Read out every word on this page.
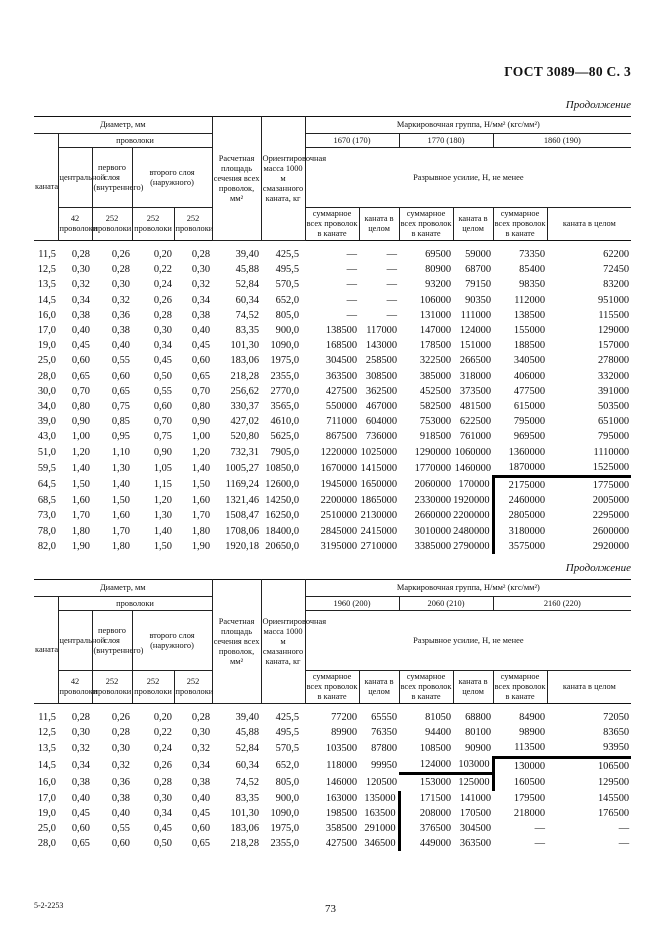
ГОСТ 3089—80 С. 3
Продолжение
Продолжение
Диаметр, мм					Расчетная площадь сечения всех проволок, мм²	Ориентировочная масса 1000 м смазанного каната, кг	Маркировочная группа, Н/мм² (кгс/мм²)					
каната	проволоки						1670 (170)		1770 (180)		1860 (190)	
	центральной	первого слоя (внутреннего)	второго слоя (наружного)				Разрывное усилие, Н, не менее					
	42 проволоки	252 проволоки	252 проволоки	252 проволоки			суммарное всех проволок в канате	каната в целом	суммарное всех проволок в канате	каната в целом	суммарное всех проволок в канате	каната в целом

11,5	0,28	0,26	0,20	0,28	39,40	425,5	—	—	69500	59000	73350	62200
12,5	0,30	0,28	0,22	0,30	45,88	495,5	—	—	80900	68700	85400	72450
13,5	0,32	0,30	0,24	0,32	52,84	570,5	—	—	93200	79150	98350	83200
14,5	0,34	0,32	0,26	0,34	60,34	652,0	—	—	106000	90350	112000	951000
16,0	0,38	0,36	0,28	0,38	74,52	805,0	—	—	131000	111000	138500	115500
17,0	0,40	0,38	0,30	0,40	83,35	900,0	138500	117000	147000	124000	155000	129000
19,0	0,45	0,40	0,34	0,45	101,30	1090,0	168500	143000	178500	151000	188500	157000
25,0	0,60	0,55	0,45	0,60	183,06	1975,0	304500	258500	322500	266500	340500	278000
28,0	0,65	0,60	0,50	0,65	218,28	2355,0	363500	308500	385000	318000	406000	332000
30,0	0,70	0,65	0,55	0,70	256,62	2770,0	427500	362500	452500	373500	477500	391000
34,0	0,80	0,75	0,60	0,80	330,37	3565,0	550000	467000	582500	481500	615000	503500
39,0	0,90	0,85	0,70	0,90	427,02	4610,0	711000	604000	753000	622500	795000	651000
43,0	1,00	0,95	0,75	1,00	520,80	5625,0	867500	736000	918500	761000	969500	795000
51,0	1,20	1,10	0,90	1,20	732,31	7905,0	1220000	1025000	1290000	1060000	1360000	1110000
59,5	1,40	1,30	1,05	1,40	1005,27	10850,0	1670000	1415000	1770000	1460000	1870000	1525000
64,5	1,50	1,40	1,15	1,50	1169,24	12600,0	1945000	1650000	2060000	170000	2175000	1775000
68,5	1,60	1,50	1,20	1,60	1321,46	14250,0	2200000	1865000	2330000	1920000	2460000	2005000
73,0	1,70	1,60	1,30	1,70	1508,47	16250,0	2510000	2130000	2660000	2200000	2805000	2295000
78,0	1,80	1,70	1,40	1,80	1708,06	18400,0	2845000	2415000	3010000	2480000	3180000	2600000
82,0	1,90	1,80	1,50	1,90	1920,18	20650,0	3195000	2710000	3385000	2790000	3575000	2920000
Диаметр, мм					Расчетная площадь сечения всех проволок, мм²	Ориентировочная масса 1000 м смазанного каната, кг	Маркировочная группа, Н/мм² (кгс/мм²)					
каната	проволоки						1960 (200)		2060 (210)		2160 (220)	
	центральной	первого слоя (внутреннего)	второго слоя (наружного)				Разрывное усилие, Н, не менее					
	42 проволоки	252 проволоки	252 проволоки	252 проволоки			суммарное всех проволок в канате	каната в целом	суммарное всех проволок в канате	каната в целом	суммарное всех проволок в канате	каната в целом

11,5	0,28	0,26	0,20	0,28	39,40	425,5	77200	65550	81050	68800	84900	72050
12,5	0,30	0,28	0,22	0,30	45,88	495,5	89900	76350	94400	80100	98900	83650
13,5	0,32	0,30	0,24	0,32	52,84	570,5	103500	87800	108500	90900	113500	93950
14,5	0,34	0,32	0,26	0,34	60,34	652,0	118000	99950	124000	103000	130000	106500
16,0	0,38	0,36	0,28	0,38	74,52	805,0	146000	120500	153000	125000	160500	129500
17,0	0,40	0,38	0,30	0,40	83,35	900,0	163000	135000	171500	141000	179500	145500
19,0	0,45	0,40	0,34	0,45	101,30	1090,0	198500	163500	208000	170500	218000	176500
25,0	0,60	0,55	0,45	0,60	183,06	1975,0	358500	291000	376500	304500	—	—
28,0	0,65	0,60	0,50	0,65	218,28	2355,0	427500	346500	449000	363500	—	—
5-2-2253	73
